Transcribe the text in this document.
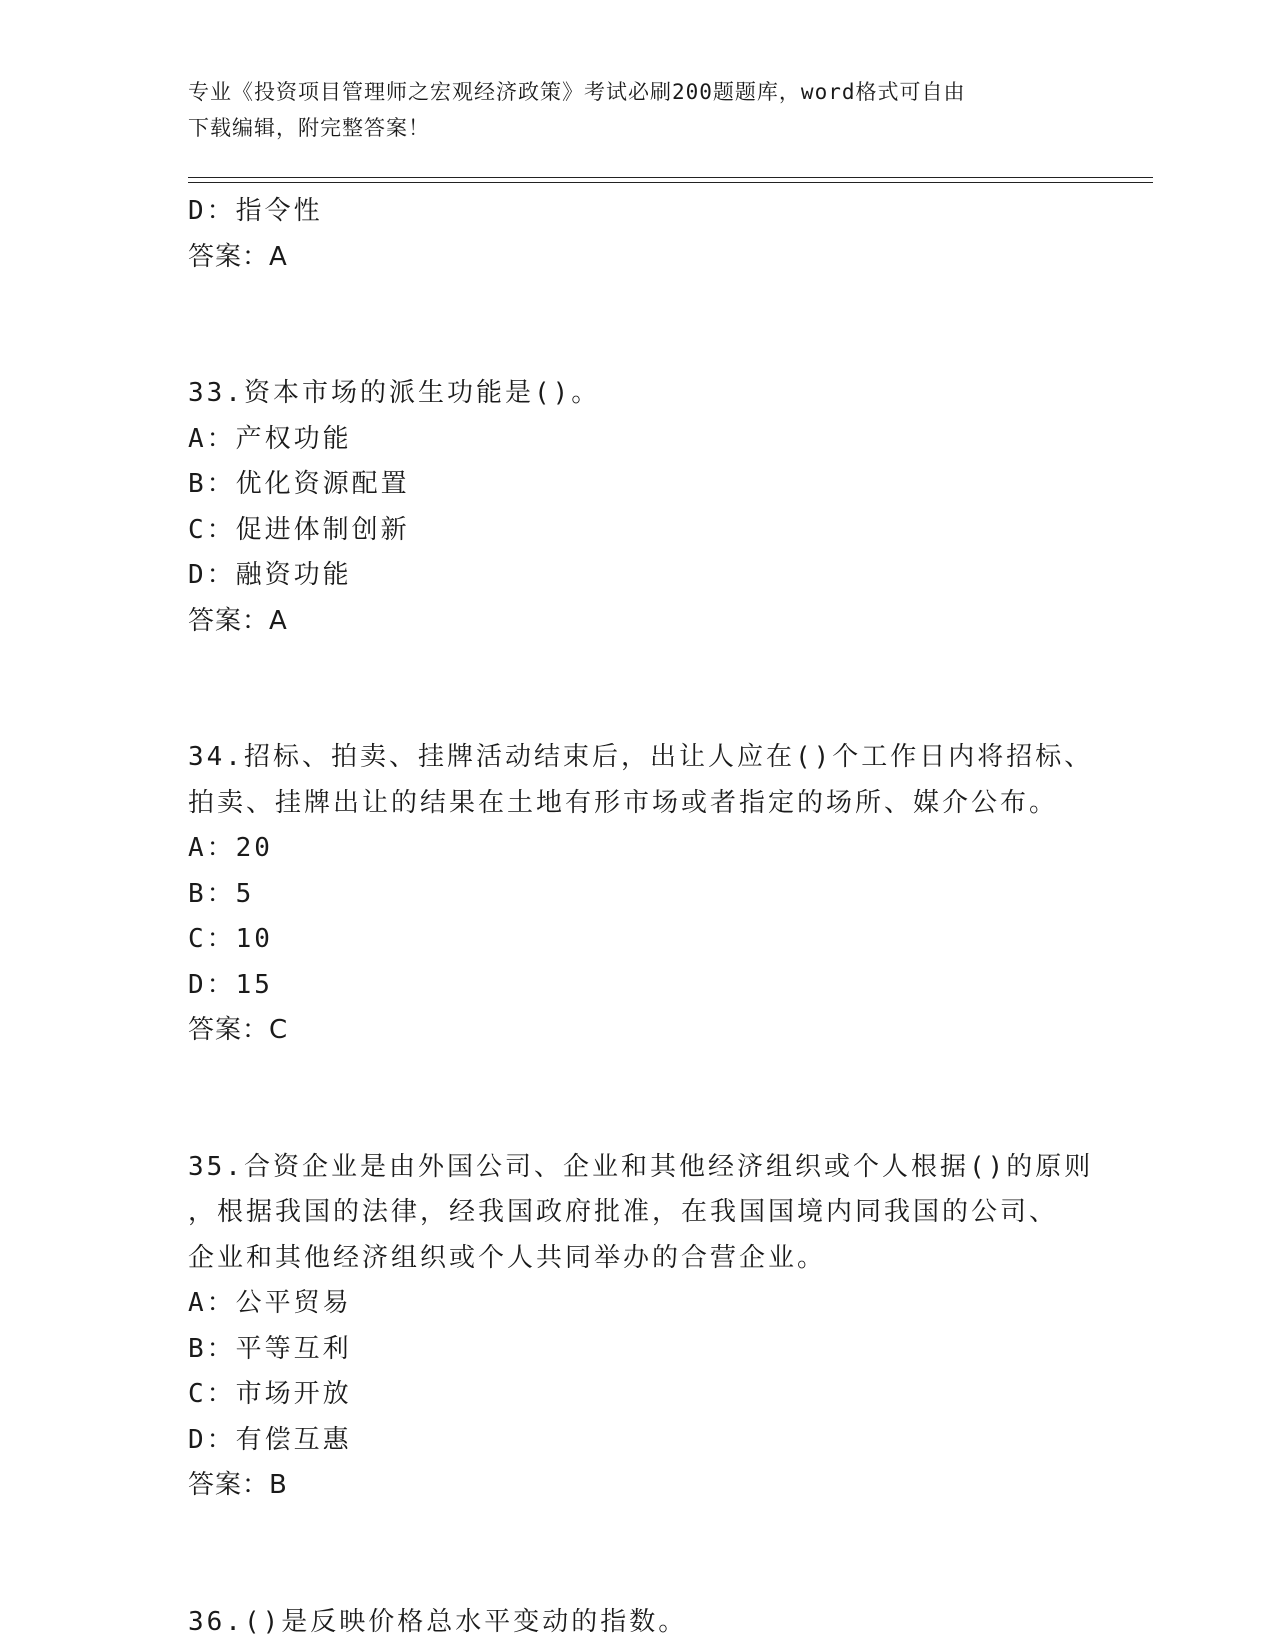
专业《投资项目管理师之宏观经济政策》考试必刷200题题库，word格式可自由
下载编辑，附完整答案！
D：指令性
答案：A
33.资本市场的派生功能是()。
A：产权功能
B：优化资源配置
C：促进体制创新
D：融资功能
答案：A
34.招标、拍卖、挂牌活动结束后，出让人应在()个工作日内将招标、
拍卖、挂牌出让的结果在土地有形市场或者指定的场所、媒介公布。
A：20
B：5
C：10
D：15
答案：C
35.合资企业是由外国公司、企业和其他经济组织或个人根据()的原则
，根据我国的法律，经我国政府批准，在我国国境内同我国的公司、
企业和其他经济组织或个人共同举办的合营企业。
A：公平贸易
B：平等互利
C：市场开放
D：有偿互惠
答案：B
36.()是反映价格总水平变动的指数。
